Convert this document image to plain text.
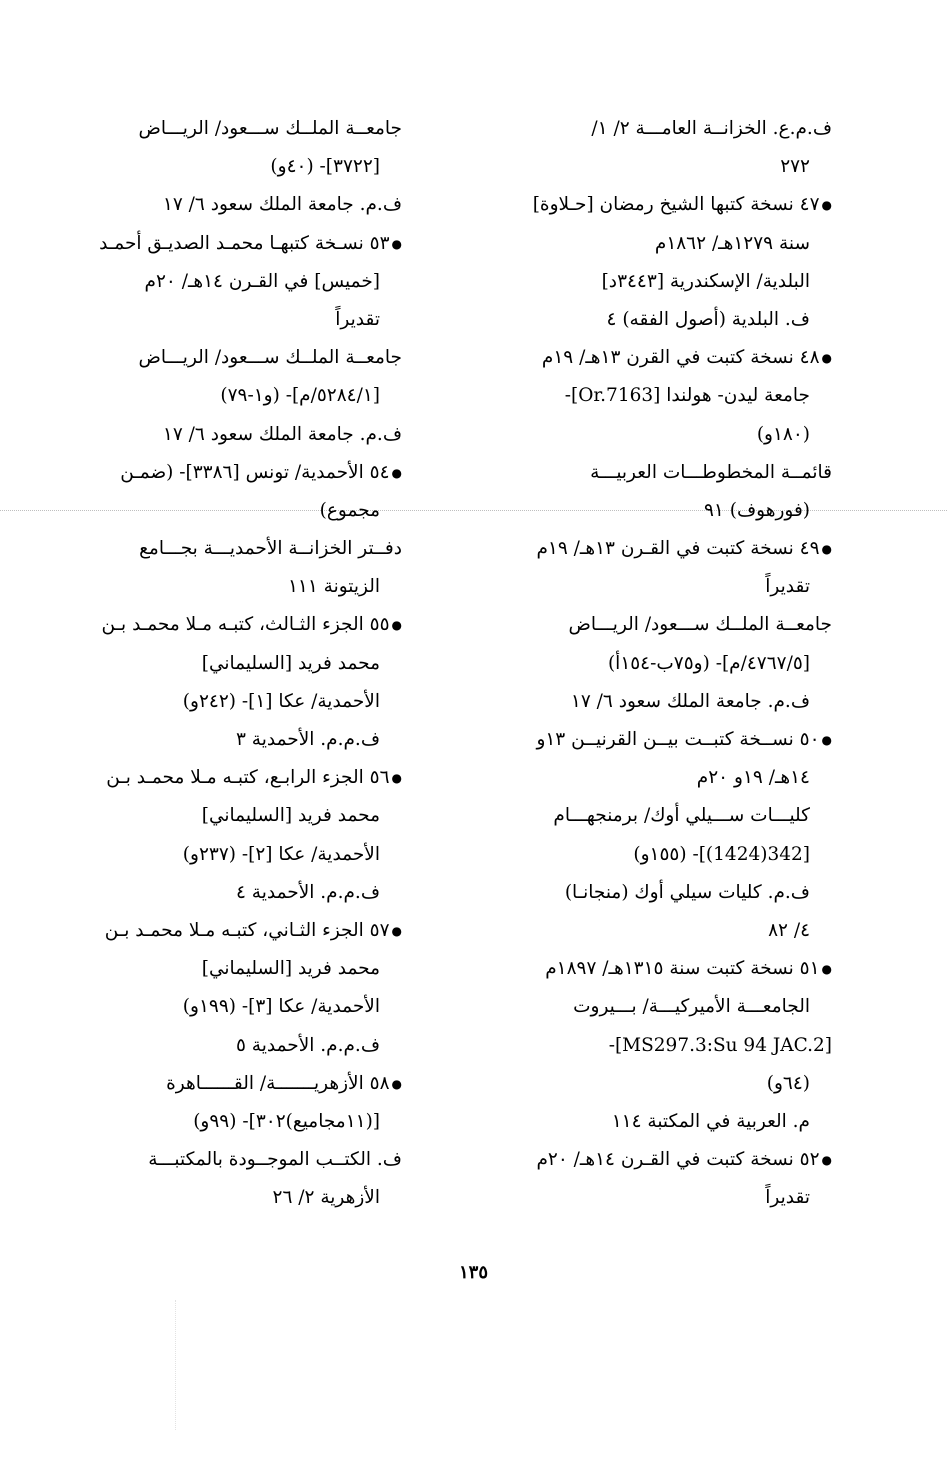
ف.م.ع. الخزانــة العامـــة ٢/ ١/
٢٧٢
●٤٧ نسخة كتبها الشيخ رمضان [حـلاوة]
سنة ١٢٧٩هـ/ ١٨٦٢م
البلدية/ الإسكندرية [٣٤٤٣د]
ف. البلدية (أصول الفقه) ٤
●٤٨ نسخة كتبت في القرن ١٣هـ/ ١٩م
جامعة ليدن- هولندا [Or.7163]-
(١٨٠و)
قائمــة المخطوطـــات العربيـــة
(فورهوف) ٩١
●٤٩ نسخة كتبت في القـرن ١٣هـ/ ١٩م
تقديراً
جامعــة الملــك ســـعود/ الريـــاض
[٤٧٦٧/٥/م]- (و٧٥ب-١٥٤أ)
ف.م. جامعة الملك سعود ٦/ ١٧
●٥٠ نســخة كتبــت بيــن القرنيــن ١٣و
١٤هـ/ ١٩و ٢٠م
كليـــات ســـيلي أوك/ برمنجهـــام
[342(1424)]- (١٥٥و)
ف.م. كليات سيلي أوك (منجانـا)
٤/ ٨٢
●٥١ نسخة كتبت سنة ١٣١٥هـ/ ١٨٩٧م
الجامعـــة الأميركيـــة/ بـــيروت
[MS297.3:Su 94 JAC.2]-
(٦٤و)
م. العربية في المكتبة ١١٤
●٥٢ نسخة كتبت في القـرن ١٤هـ/ ٢٠م
تقديراً
جامعــة الملــك ســـعود/ الريـــاض
[٣٧٢٢]- (٤٠و)
ف.م. جامعة الملك سعود ٦/ ١٧
●٥٣ نسـخة كتبهـا محمـد الصديـق أحمـد
[خميس] في القـرن ١٤هـ/ ٢٠م
تقديراً
جامعــة الملــك ســـعود/ الريـــاض
[٥٢٨٤/١/م]- (و١-٧٩)
ف.م. جامعة الملك سعود ٦/ ١٧
●٥٤ الأحمدية/ تونس [٣٣٨٦]- (ضمـن
مجموع)
دفــتر الخزانــة الأحمديـــة بجـــامع
الزيتونة ١١١
●٥٥ الجزء الثـالث، كتبـه مـلا محمـد بـن
محمد فريد [السليماني]
الأحمدية/ عكا [١]- (٢٤٢و)
ف.م.م. الأحمدية ٣
●٥٦ الجزء الرابـع، كتبـه مـلا محمـد بـن
محمد فريد [السليماني]
الأحمدية/ عكا [٢]- (٢٣٧و)
ف.م.م. الأحمدية ٤
●٥٧ الجزء الثـاني، كتبـه مـلا محمـد بـن
محمد فريد [السليماني]
الأحمدية/ عكا [٣]- (١٩٩و)
ف.م.م. الأحمدية ٥
●٥٨ الأزهريـــــــة/ القــــــاهرة
[(١١مجاميع)٣٠٢]- (٩٩و)
ف. الكتــب الموجــودة بالمكتبـــة
الأزهرية ٢/ ٢٦
١٣٥
